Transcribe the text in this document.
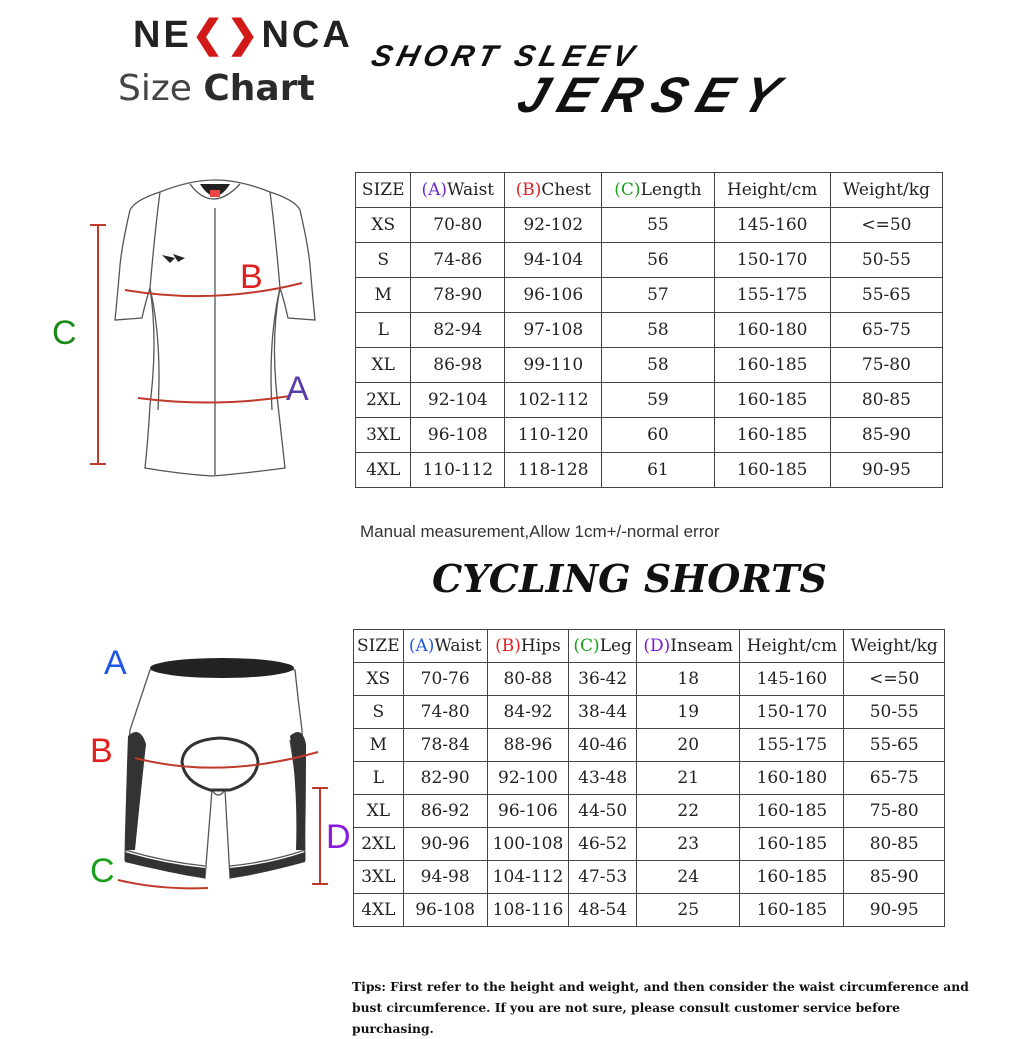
NE❮❯NCA
Size Chart
SHORT SLEEV
JERSEY
C
B
A
SIZE	(A)Waist	(B)Chest	(C)Length	Height/cm	Weight/kg
XS	70-80	92-102	55	145-160	<=50
S	74-86	94-104	56	150-170	50-55
M	78-90	96-106	57	155-175	55-65
L	82-94	97-108	58	160-180	65-75
XL	86-98	99-110	58	160-185	75-80
2XL	92-104	102-112	59	160-185	80-85
3XL	96-108	110-120	60	160-185	85-90
4XL	110-112	118-128	61	160-185	90-95
Manual measurement,Allow 1cm+/-normal error
CYCLING SHORTS
A
B
C
D
SIZE	(A)Waist	(B)Hips	(C)Leg	(D)Inseam	Height/cm	Weight/kg
XS	70-76	80-88	36-42	18	145-160	<=50
S	74-80	84-92	38-44	19	150-170	50-55
M	78-84	88-96	40-46	20	155-175	55-65
L	82-90	92-100	43-48	21	160-180	65-75
XL	86-92	96-106	44-50	22	160-185	75-80
2XL	90-96	100-108	46-52	23	160-185	80-85
3XL	94-98	104-112	47-53	24	160-185	85-90
4XL	96-108	108-116	48-54	25	160-185	90-95
Tips: First refer to the height and weight, and then consider the waist circumference and bust circumference. If you are not sure, please consult customer service before purchasing.
